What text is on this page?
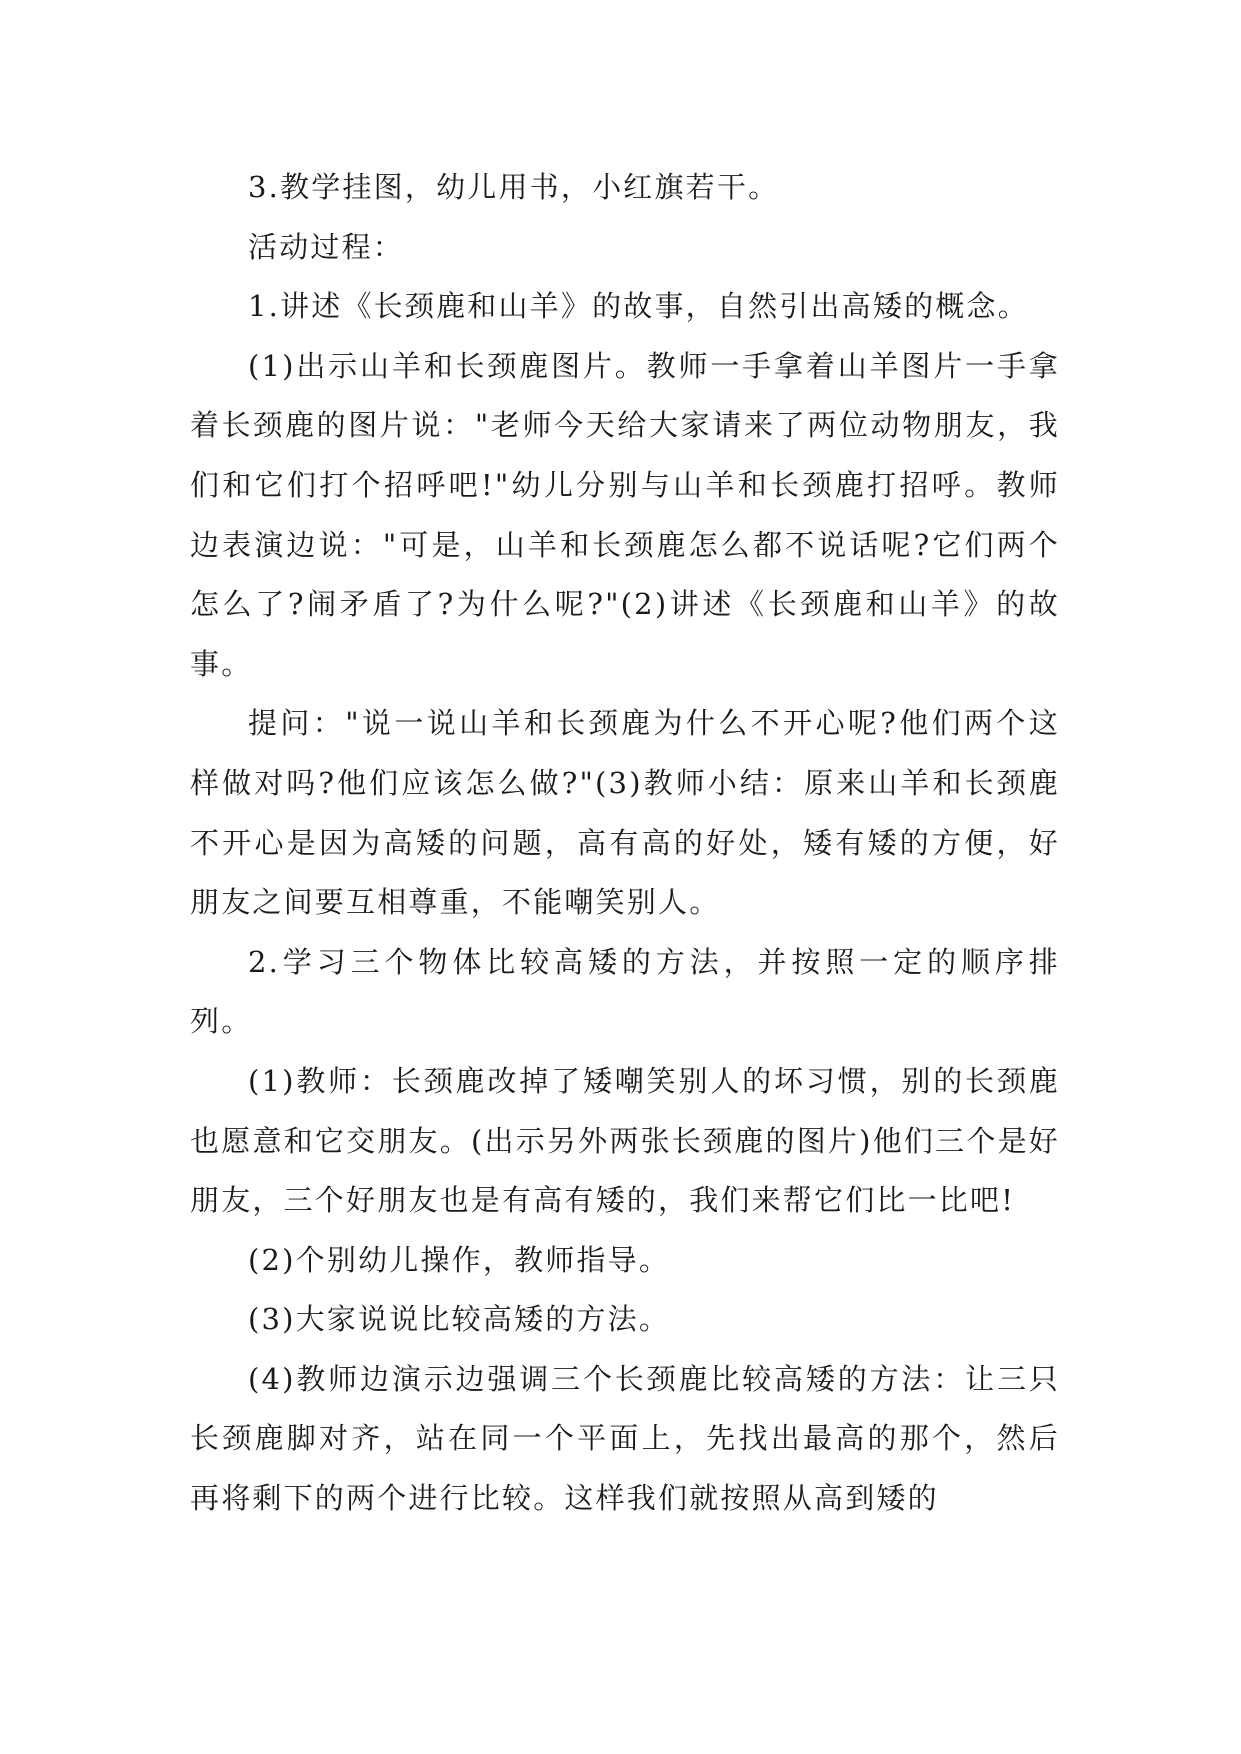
3.教学挂图，幼儿用书，小红旗若干。

活动过程：

1.讲述《长颈鹿和山羊》的故事，自然引出高矮的概念。

(1)出示山羊和长颈鹿图片。教师一手拿着山羊图片一手拿着长颈鹿的图片说："老师今天给大家请来了两位动物朋友，我们和它们打个招呼吧!"幼儿分别与山羊和长颈鹿打招呼。教师边表演边说："可是，山羊和长颈鹿怎么都不说话呢?它们两个怎么了?闹矛盾了?为什么呢?"(2)讲述《长颈鹿和山羊》的故事。

提问："说一说山羊和长颈鹿为什么不开心呢?他们两个这样做对吗?他们应该怎么做?"(3)教师小结：原来山羊和长颈鹿不开心是因为高矮的问题，高有高的好处，矮有矮的方便，好朋友之间要互相尊重，不能嘲笑别人。

2.学习三个物体比较高矮的方法，并按照一定的顺序排列。

(1)教师：长颈鹿改掉了矮嘲笑别人的坏习惯，别的长颈鹿也愿意和它交朋友。(出示另外两张长颈鹿的图片)他们三个是好朋友，三个好朋友也是有高有矮的，我们来帮它们比一比吧!

(2)个别幼儿操作，教师指导。

(3)大家说说比较高矮的方法。

(4)教师边演示边强调三个长颈鹿比较高矮的方法：让三只长颈鹿脚对齐，站在同一个平面上，先找出最高的那个，然后再将剩下的两个进行比较。这样我们就按照从高到矮的
